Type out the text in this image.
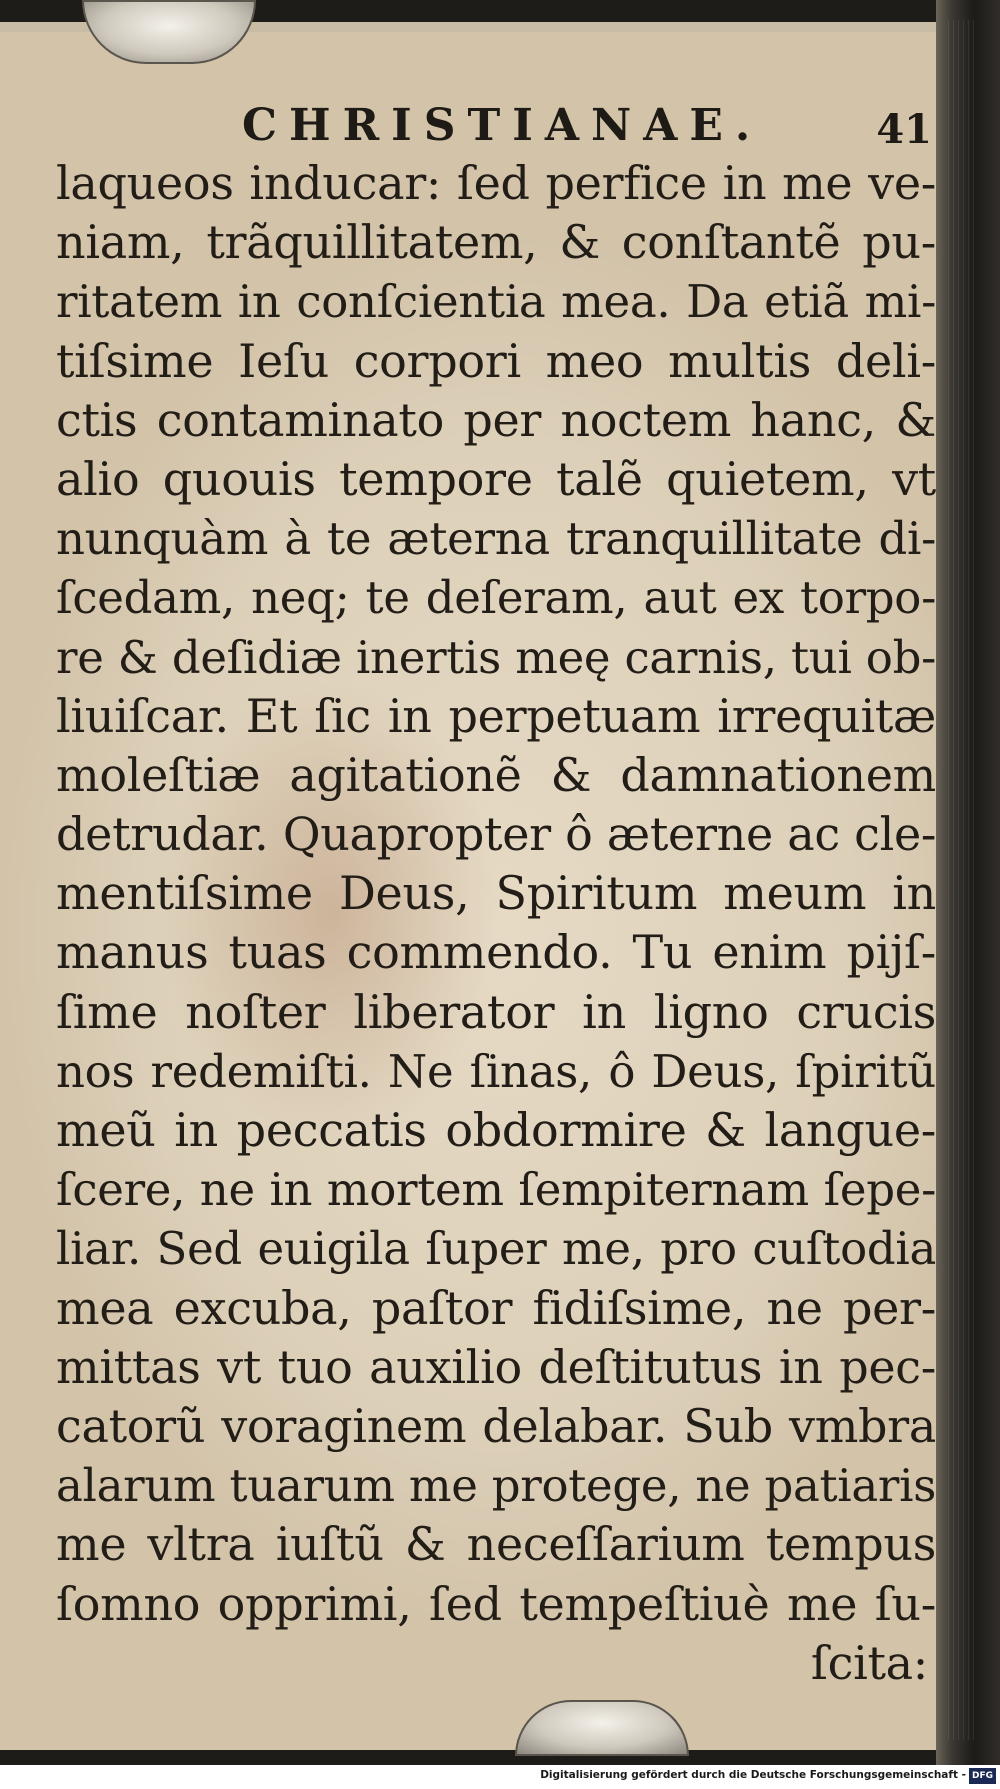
CHRISTIANAE.	41
laqueos inducar: ſed perfice in me ve-
niam, trãquillitatem, & conſtantẽ pu-
ritatem in conſcientia mea. Da etiã mi-
tiſsime Ieſu corpori meo multis deli-
ctis contaminato per noctem hanc, &
alio quouis tempore talẽ quietem, vt
nunquàm à te æterna tranquillitate di-
ſcedam, neq; te deſeram, aut ex torpo-
re & deſidiæ inertis meę carnis, tui ob-
liuiſcar. Et ſic in perpetuam irrequitæ
moleſtiæ agitationẽ & damnationem
detrudar. Quapropter ô æterne ac cle-
mentiſsime Deus, Spiritum meum in
manus tuas commendo. Tu enim pijſ-
ſime noſter liberator in ligno crucis
nos redemiſti. Ne ſinas, ô Deus, ſpiritũ
meũ in peccatis obdormire & langue-
ſcere, ne in mortem ſempiternam ſepe-
liar. Sed euigila ſuper me, pro cuſtodia
mea excuba, paſtor fidiſsime, ne per-
mittas vt tuo auxilio deſtitutus in pec-
catorũ voraginem delabar. Sub vmbra
alarum tuarum me protege, ne patiaris
me vltra iuſtũ & neceſſarium tempus
ſomno opprimi, ſed tempeſtiuè me ſu-
ſcita:
Digitalisierung gefördert durch die Deutsche Forschungsgemeinschaft - DFG
